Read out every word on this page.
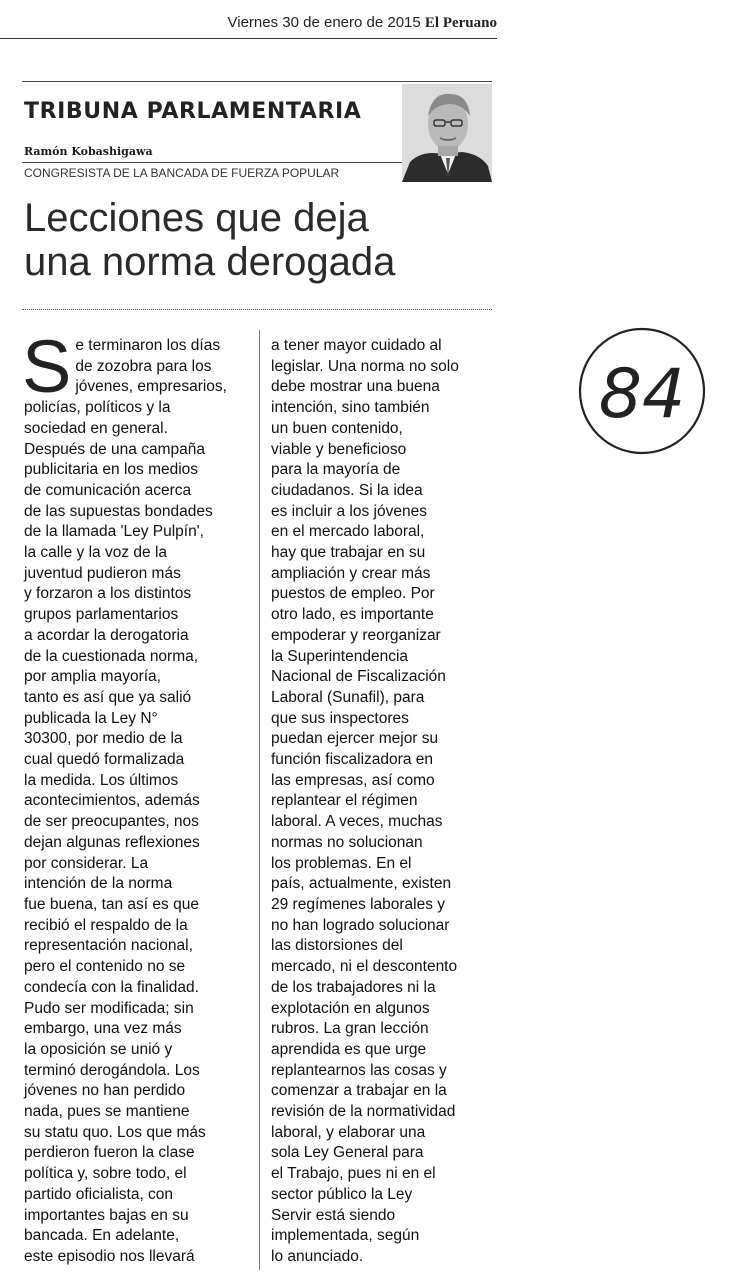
Viernes 30 de enero de 2015 El Peruano
TRIBUNA PARLAMENTARIA
Ramón Kobashigawa
CONGRESISTA DE LA BANCADA DE FUERZA POPULAR
Lecciones que deja
una norma derogada
S e terminaron los días
de zozobra para los
jóvenes, empresarios,
policías, políticos y la
sociedad en general.
Después de una campaña
publicitaria en los medios
de comunicación acerca
de las supuestas bondades
de la llamada 'Ley Pulpín',
la calle y la voz de la
juventud pudieron más
y forzaron a los distintos
grupos parlamentarios
a acordar la derogatoria
de la cuestionada norma,
por amplia mayoría,
tanto es así que ya salió
publicada la Ley N°
30300, por medio de la
cual quedó formalizada
la medida. Los últimos
acontecimientos, además
de ser preocupantes, nos
dejan algunas reflexiones
por considerar. La
intención de la norma
fue buena, tan así es que
recibió el respaldo de la
representación nacional,
pero el contenido no se
condecía con la finalidad.
Pudo ser modificada; sin
embargo, una vez más
la oposición se unió y
terminó derogándola. Los
jóvenes no han perdido
nada, pues se mantiene
su statu quo. Los que más
perdieron fueron la clase
política y, sobre todo, el
partido oficialista, con
importantes bajas en su
bancada. En adelante,
este episodio nos llevará
a tener mayor cuidado al
legislar. Una norma no solo
debe mostrar una buena
intención, sino también
un buen contenido,
viable y beneficioso
para la mayoría de
ciudadanos. Si la idea
es incluir a los jóvenes
en el mercado laboral,
hay que trabajar en su
ampliación y crear más
puestos de empleo. Por
otro lado, es importante
empoderar y reorganizar
la Superintendencia
Nacional de Fiscalización
Laboral (Sunafil), para
que sus inspectores
puedan ejercer mejor su
función fiscalizadora en
las empresas, así como
replantear el régimen
laboral. A veces, muchas
normas no solucionan
los problemas. En el
país, actualmente, existen
29 regímenes laborales y
no han logrado solucionar
las distorsiones del
mercado, ni el descontento
de los trabajadores ni la
explotación en algunos
rubros. La gran lección
aprendida es que urge
replantearnos las cosas y
comenzar a trabajar en la
revisión de la normatividad
laboral, y elaborar una
sola Ley General para
el Trabajo, pues ni en el
sector público la Ley
Servir está siendo
implementada, según
lo anunciado.
84
